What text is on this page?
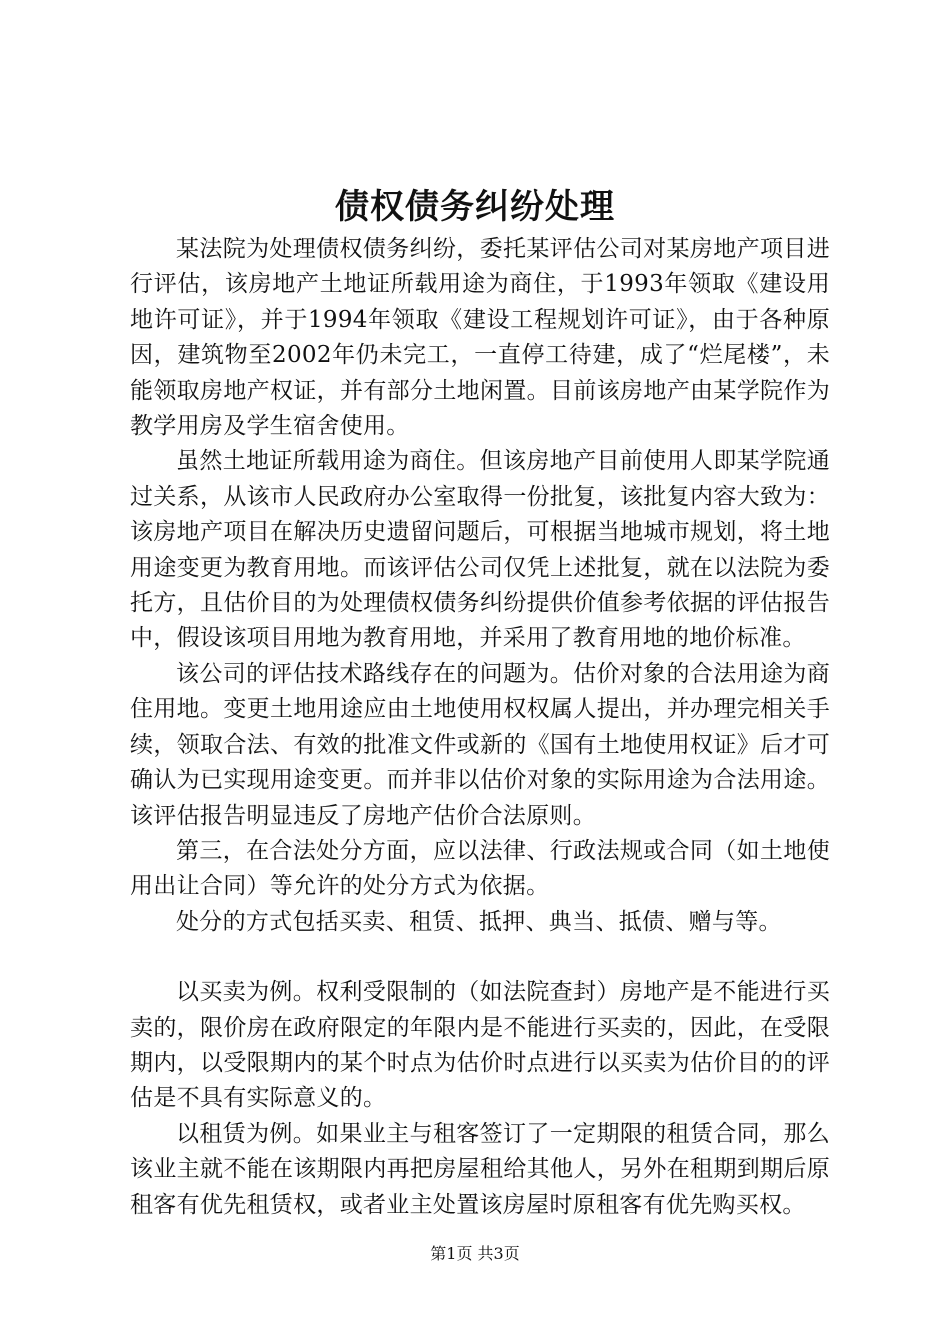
债权债务纠纷处理

某法院为处理债权债务纠纷，委托某评估公司对某房地产项目进行评估，该房地产土地证所载用途为商住，于1993年领取《建设用地许可证》，并于1994年领取《建设工程规划许可证》，由于各种原因，建筑物至2002年仍未完工，一直停工待建，成了“烂尾楼”，未能领取房地产权证，并有部分土地闲置。目前该房地产由某学院作为教学用房及学生宿舍使用。

虽然土地证所载用途为商住。但该房地产目前使用人即某学院通过关系，从该市人民政府办公室取得一份批复，该批复内容大致为：该房地产项目在解决历史遗留问题后，可根据当地城市规划，将土地用途变更为教育用地。而该评估公司仅凭上述批复，就在以法院为委托方，且估价目的为处理债权债务纠纷提供价值参考依据的评估报告中，假设该项目用地为教育用地，并采用了教育用地的地价标准。

该公司的评估技术路线存在的问题为。估价对象的合法用途为商住用地。变更土地用途应由土地使用权权属人提出，并办理完相关手续，领取合法、有效的批准文件或新的《国有土地使用权证》后才可确认为已实现用途变更。而并非以估价对象的实际用途为合法用途。该评估报告明显违反了房地产估价合法原则。

第三，在合法处分方面，应以法律、行政法规或合同（如土地使用出让合同）等允许的处分方式为依据。

处分的方式包括买卖、租赁、抵押、典当、抵债、赠与等。

以买卖为例。权利受限制的（如法院查封）房地产是不能进行买卖的，限价房在政府限定的年限内是不能进行买卖的，因此，在受限期内，以受限期内的某个时点为估价时点进行以买卖为估价目的的评估是不具有实际意义的。

以租赁为例。如果业主与租客签订了一定期限的租赁合同，那么该业主就不能在该期限内再把房屋租给其他人，另外在租期到期后原租客有优先租赁权，或者业主处置该房屋时原租客有优先购买权。

第1页 共3页
